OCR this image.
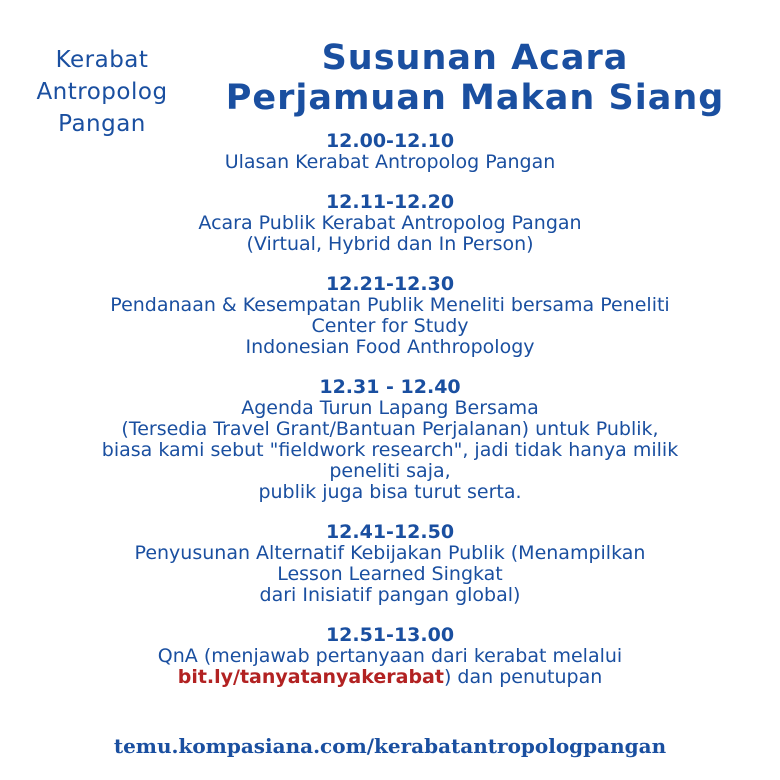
Kerabat
Antropolog
Pangan
Susunan Acara
Perjamuan Makan Siang
12.00-12.10
Ulasan Kerabat Antropolog Pangan
12.11-12.20
Acara Publik Kerabat Antropolog Pangan
(Virtual, Hybrid dan In Person)
12.21-12.30
Pendanaan & Kesempatan Publik Meneliti bersama Peneliti
Center for Study
Indonesian Food Anthropology
12.31 - 12.40
Agenda Turun Lapang Bersama
(Tersedia Travel Grant/Bantuan Perjalanan) untuk Publik,
biasa kami sebut "fieldwork research", jadi tidak hanya milik
peneliti saja,
publik juga bisa turut serta.
12.41-12.50
Penyusunan Alternatif Kebijakan Publik (Menampilkan
Lesson Learned Singkat
dari Inisiatif pangan global)
12.51-13.00
QnA (menjawab pertanyaan dari kerabat melalui
bit.ly/tanyatanyakerabat) dan penutupan
temu.kompasiana.com/kerabatantropologpangan
